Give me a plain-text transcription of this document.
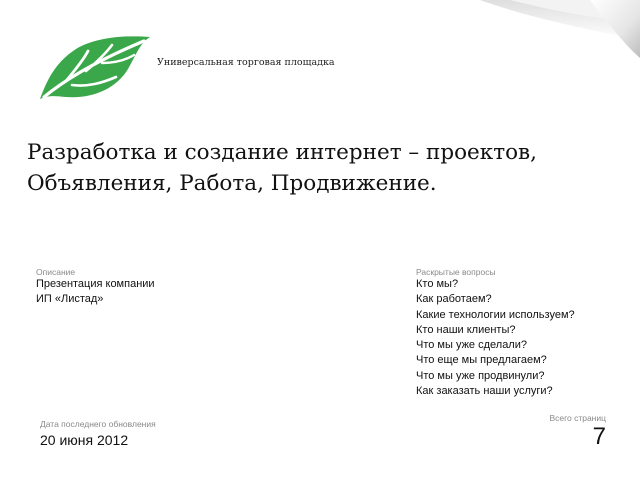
Универсальная торговая площадка
Разработка и создание интернет – проектов,
Объявления, Работа, Продвижение.
Описание
Презентация компании
ИП «Листад»
Раскрытые вопросы
Кто мы?
Как работаем?
Какие технологии используем?
Кто наши клиенты?
Что мы уже сделали?
Что еще мы предлагаем?
Что мы уже продвинули?
Как заказать наши услуги?
Дата последнего обновления
20 июня 2012
Всего страниц
7
